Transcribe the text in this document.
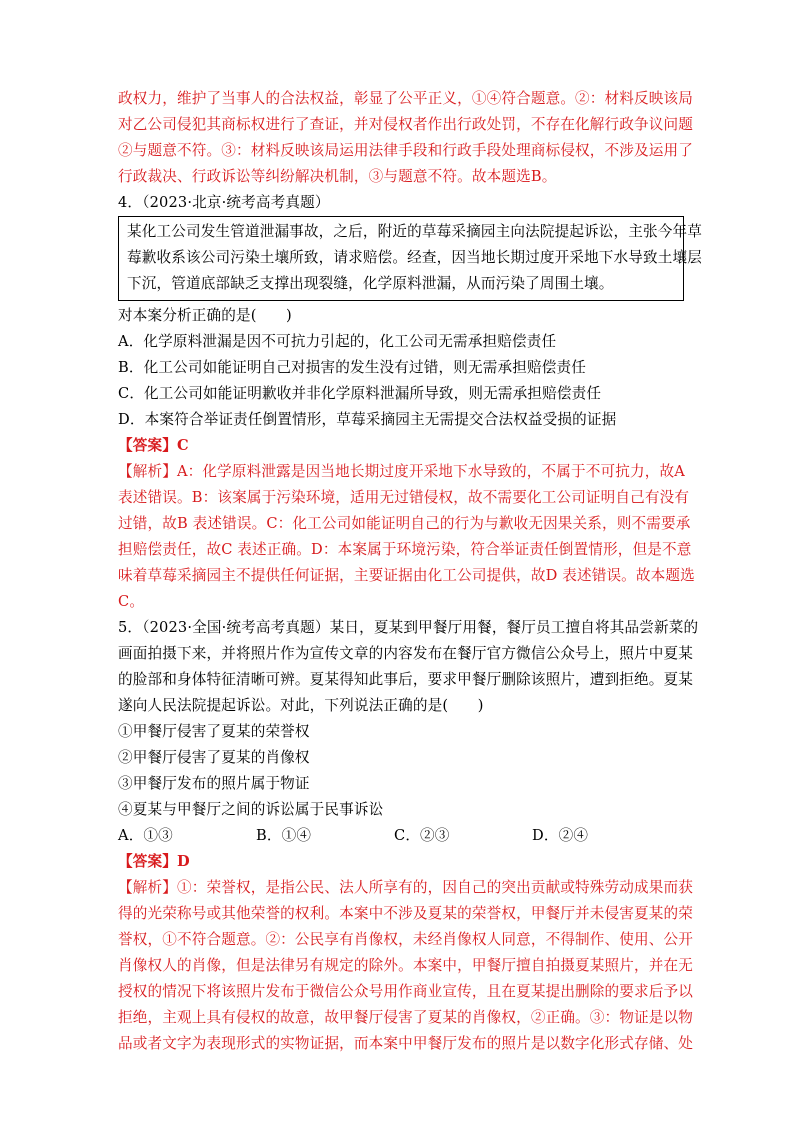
政权力，维护了当事人的合法权益，彰显了公平正义，①④符合题意。②：材料反映该局
对乙公司侵犯其商标权进行了查证，并对侵权者作出行政处罚，不存在化解行政争议问题
②与题意不符。③：材料反映该局运用法律手段和行政手段处理商标侵权，不涉及运用了
行政裁决、行政诉讼等纠纷解决机制，③与题意不符。故本题选B。
4．（2023·北京·统考高考真题）
某化工公司发生管道泄漏事故，之后，附近的草莓采摘园主向法院提起诉讼，主张今年草
莓歉收系该公司污染土壤所致，请求赔偿。经查，因当地长期过度开采地下水导致土壤层
下沉，管道底部缺乏支撑出现裂缝，化学原料泄漏，从而污染了周围土壤。
对本案分析正确的是(　　)
A．化学原料泄漏是因不可抗力引起的，化工公司无需承担赔偿责任
B．化工公司如能证明自己对损害的发生没有过错，则无需承担赔偿责任
C．化工公司如能证明歉收并非化学原料泄漏所导致，则无需承担赔偿责任
D．本案符合举证责任倒置情形，草莓采摘园主无需提交合法权益受损的证据
【答案】C
【解析】A：化学原料泄露是因当地长期过度开采地下水导致的，不属于不可抗力，故A
表述错误。B：该案属于污染环境，适用无过错侵权，故不需要化工公司证明自己有没有
过错，故B 表述错误。C：化工公司如能证明自己的行为与歉收无因果关系，则不需要承
担赔偿责任，故C 表述正确。D：本案属于环境污染，符合举证责任倒置情形，但是不意
味着草莓采摘园主不提供任何证据，主要证据由化工公司提供，故D 表述错误。故本题选
C。
5．（2023·全国·统考高考真题）某日，夏某到甲餐厅用餐，餐厅员工擅自将其品尝新菜的
画面拍摄下来，并将照片作为宣传文章的内容发布在餐厅官方微信公众号上，照片中夏某
的脸部和身体特征清晰可辨。夏某得知此事后，要求甲餐厅删除该照片，遭到拒绝。夏某
遂向人民法院提起诉讼。对此，下列说法正确的是(　　)
①甲餐厅侵害了夏某的荣誉权
②甲餐厅侵害了夏某的肖像权
③甲餐厅发布的照片属于物证
④夏某与甲餐厅之间的诉讼属于民事诉讼
A．①③	B．①④	C．②③	D．②④
【答案】D
【解析】①：荣誉权，是指公民、法人所享有的，因自己的突出贡献或特殊劳动成果而获
得的光荣称号或其他荣誉的权利。本案中不涉及夏某的荣誉权，甲餐厅并未侵害夏某的荣
誉权，①不符合题意。②：公民享有肖像权，未经肖像权人同意，不得制作、使用、公开
肖像权人的肖像，但是法律另有规定的除外。本案中，甲餐厅擅自拍摄夏某照片，并在无
授权的情况下将该照片发布于微信公众号用作商业宣传，且在夏某提出删除的要求后予以
拒绝，主观上具有侵权的故意，故甲餐厅侵害了夏某的肖像权，②正确。③：物证是以物
品或者文字为表现形式的实物证据，而本案中甲餐厅发布的照片是以数字化形式存储、处
